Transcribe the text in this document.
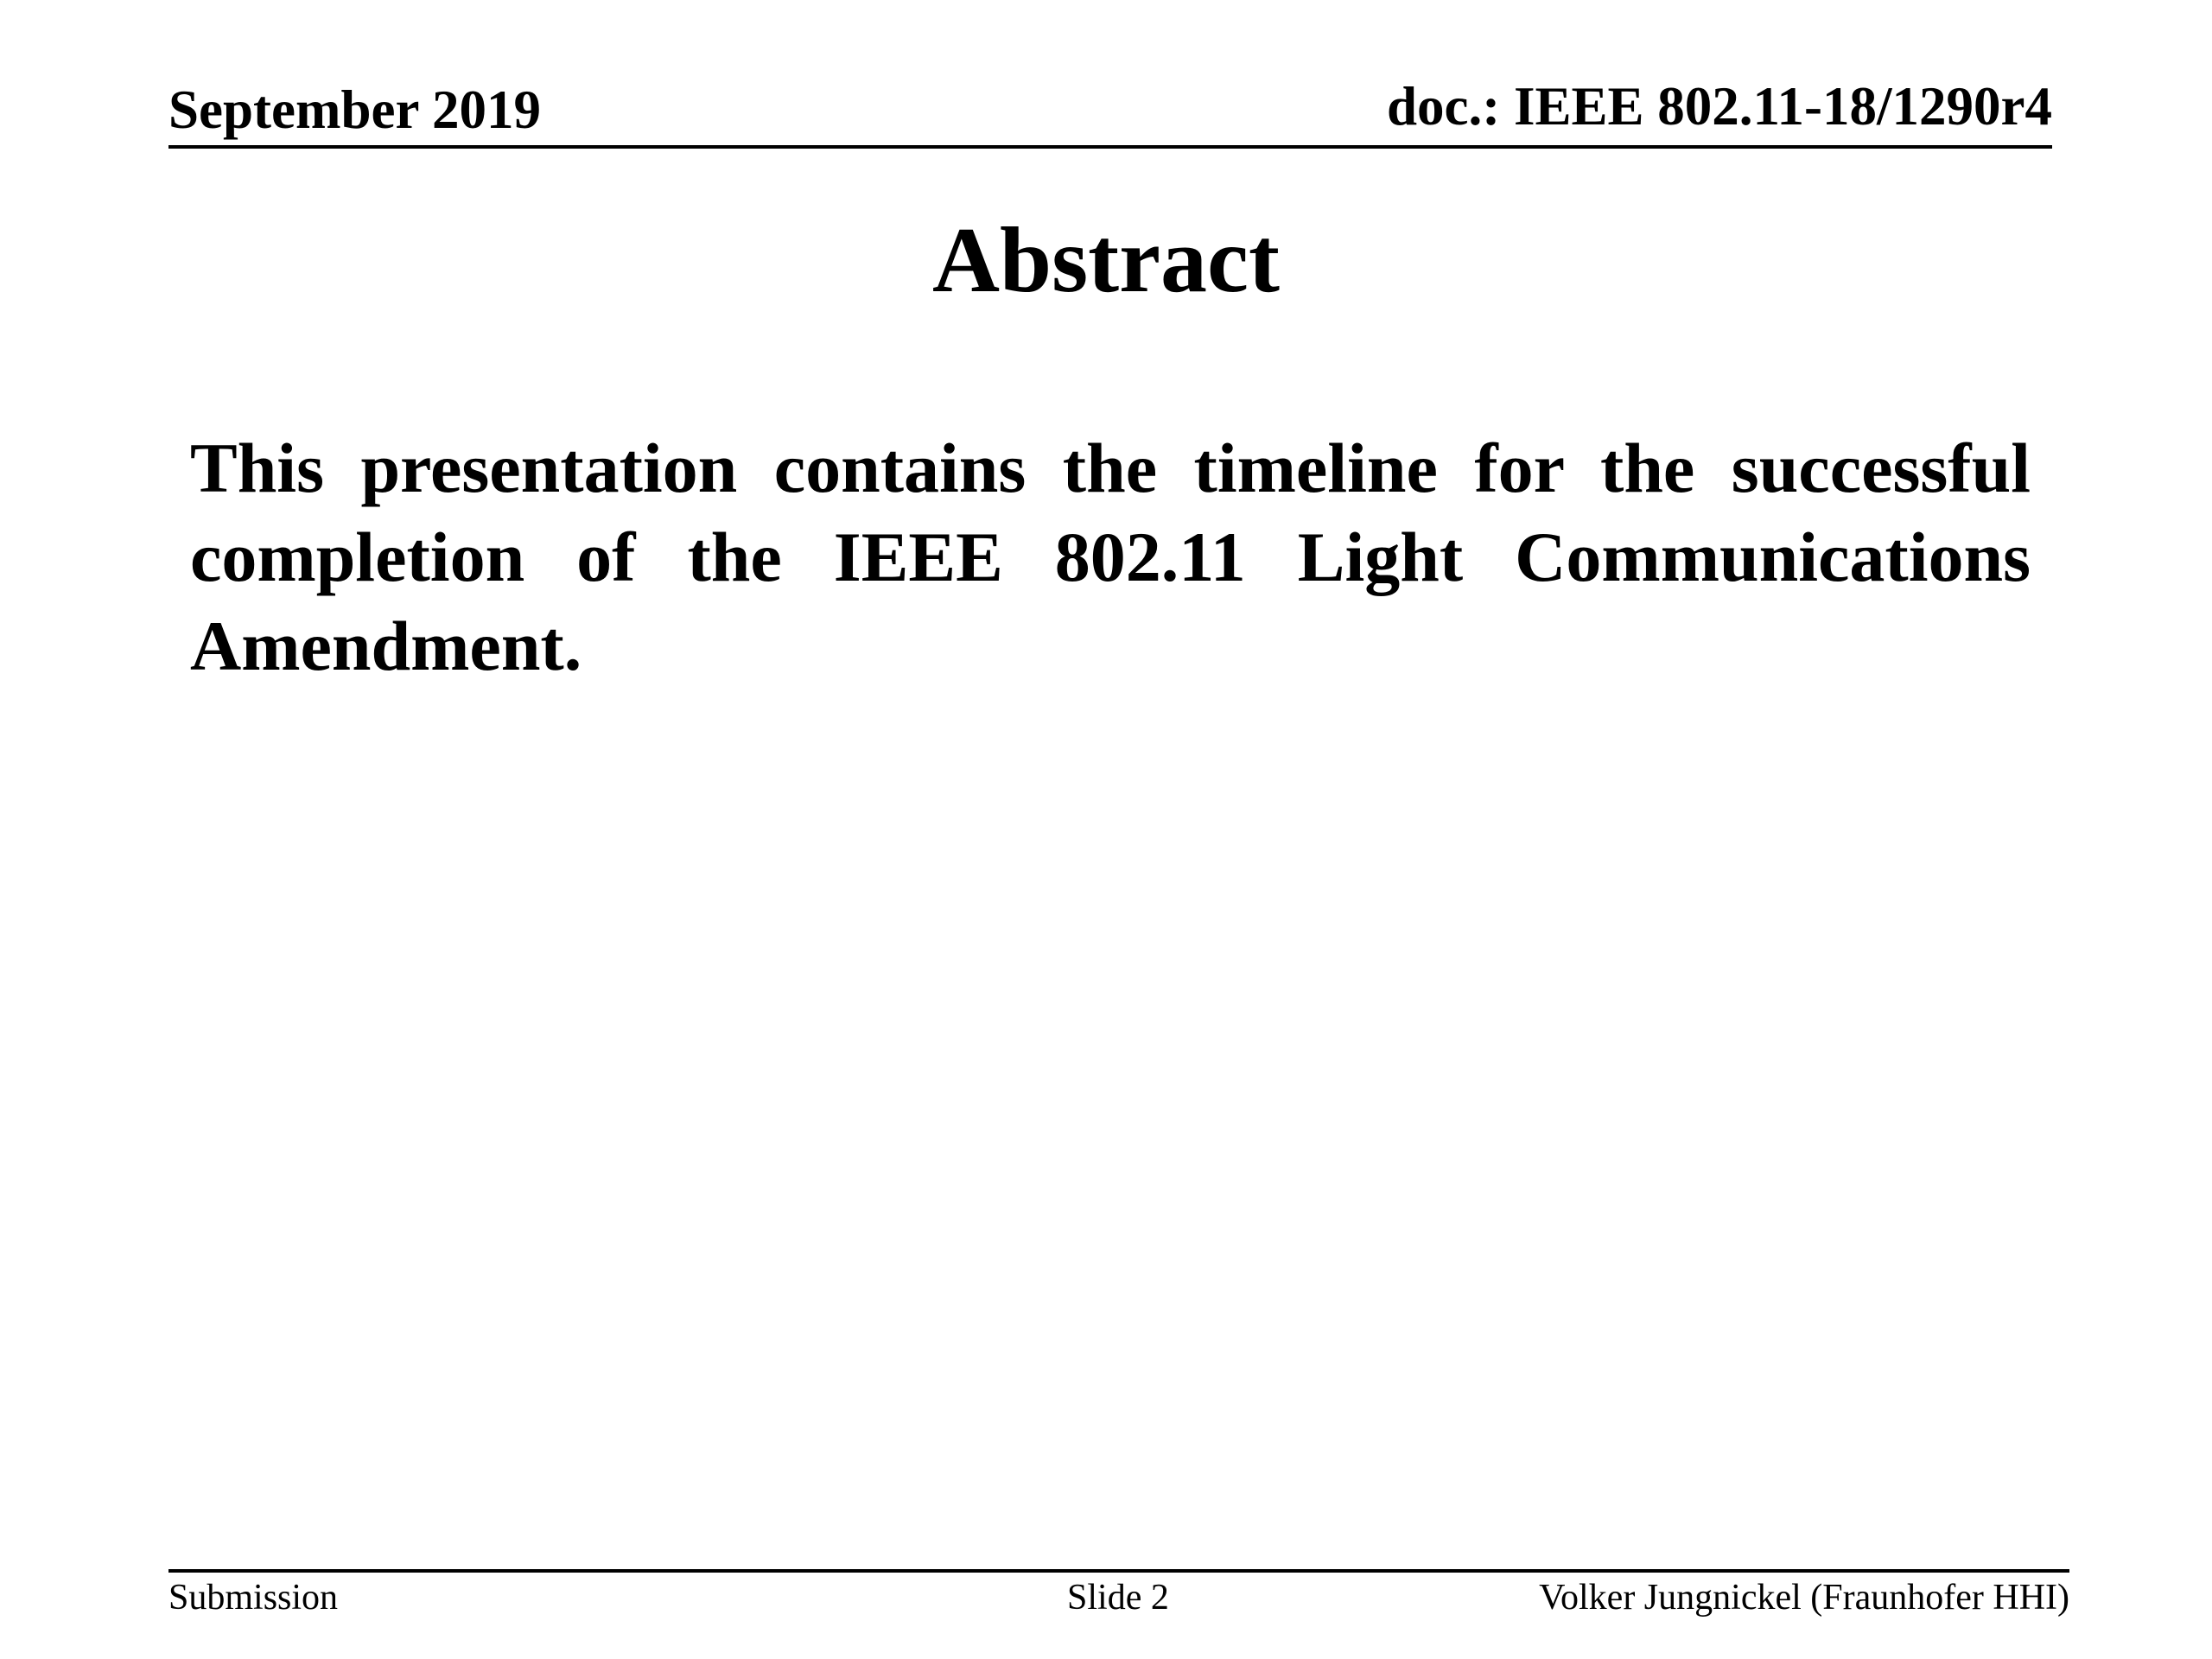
September 2019	doc.: IEEE 802.11-18/1290r4
Abstract
This presentation contains the timeline for the successful completion of the IEEE 802.11 Light Communications Amendment.
Submission	Slide 2	Volker Jungnickel (Fraunhofer HHI)
